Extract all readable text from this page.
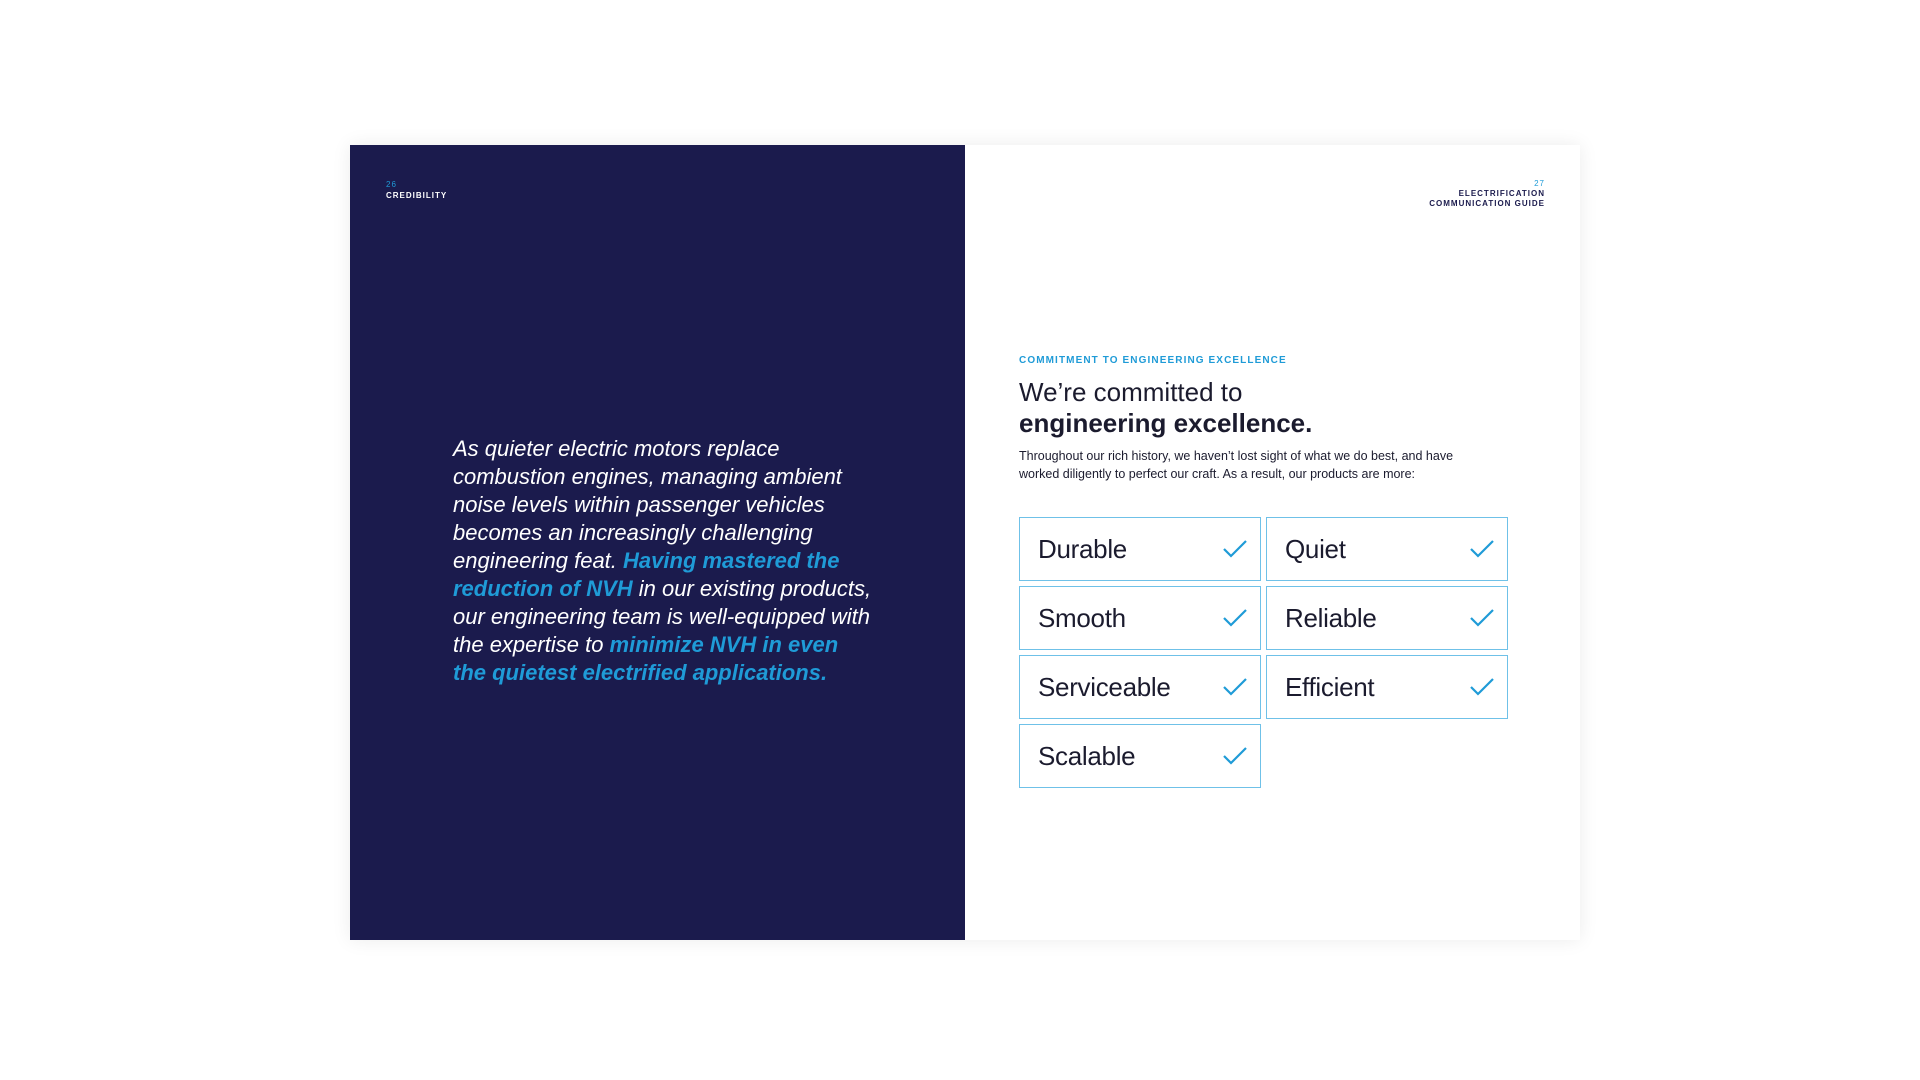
26
CREDIBILITY

As quieter electric motors replace combustion engines, managing ambient noise levels within passenger vehicles becomes an increasingly challenging engineering feat. Having mastered the reduction of NVH in our existing products, our engineering team is well-equipped with the expertise to minimize NVH in even the quietest electrified applications.

27
ELECTRIFICATION
COMMUNICATION GUIDE
COMMITMENT TO ENGINEERING EXCELLENCE
We’re committed to
engineering excellence.

Throughout our rich history, we haven’t lost sight of what we do best, and have worked diligently to perfect our craft. As a result, our products are more:

Durable	Quiet
Smooth	Reliable
Serviceable	Efficient
Scalable
